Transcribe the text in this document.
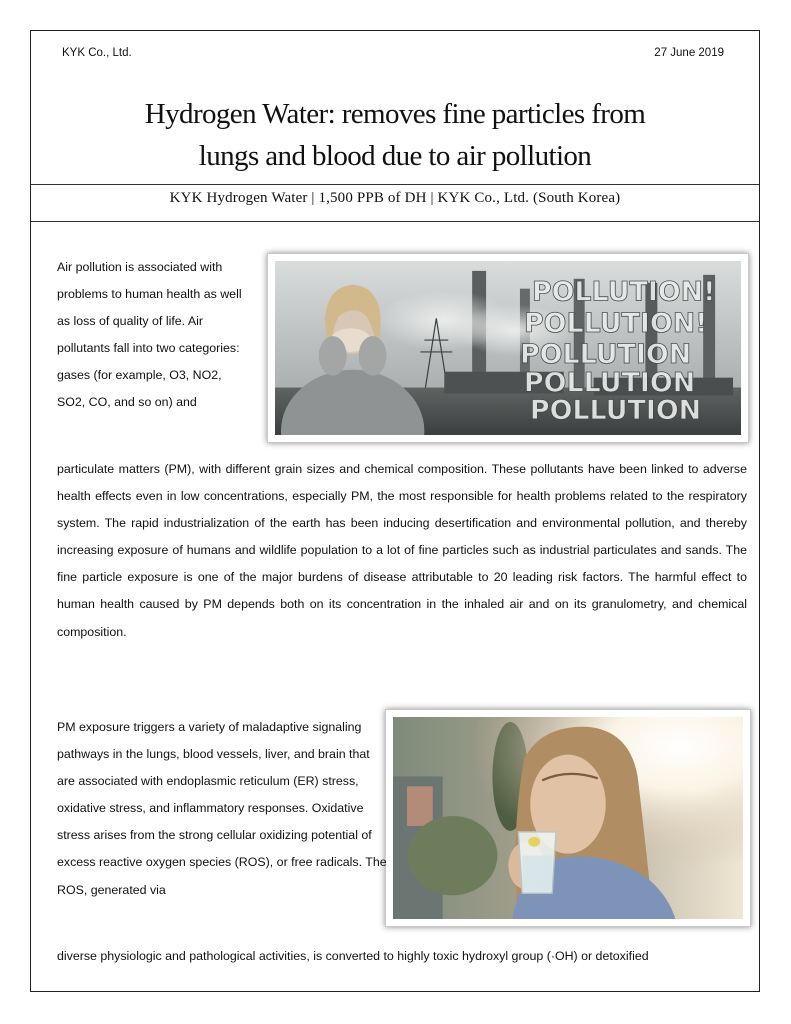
KYK Co., Ltd.	27 June 2019
Hydrogen Water: removes fine particles from
lungs and blood due to air pollution
KYK Hydrogen Water | 1,500 PPB of DH | KYK Co., Ltd. (South Korea)
POLLUTION!
POLLUTION!
POLLUTION
POLLUTION
POLLUTION
Air pollution is associated with problems to human health as well as loss of quality of life. Air pollutants fall into two categories: gases (for example, O3, NO2, SO2, CO, and so on) and
particulate matters (PM), with different grain sizes and chemical composition. These pollutants have been linked to adverse health effects even in low concentrations, especially PM, the most responsible for health problems related to the respiratory system. The rapid industrialization of the earth has been inducing desertification and environmental pollution, and thereby increasing exposure of humans and wildlife population to a lot of fine particles such as industrial particulates and sands. The fine particle exposure is one of the major burdens of disease attributable to 20 leading risk factors. The harmful effect to human health caused by PM depends both on its concentration in the inhaled air and on its granulometry, and chemical composition.
PM exposure triggers a variety of maladaptive signaling pathways in the lungs, blood vessels, liver, and brain that are associated with endoplasmic reticulum (ER) stress, oxidative stress, and inflammatory responses. Oxidative stress arises from the strong cellular oxidizing potential of excess reactive oxygen species (ROS), or free radicals. The ROS, generated via
diverse physiologic and pathological activities, is converted to highly toxic hydroxyl group (·OH) or detoxified
